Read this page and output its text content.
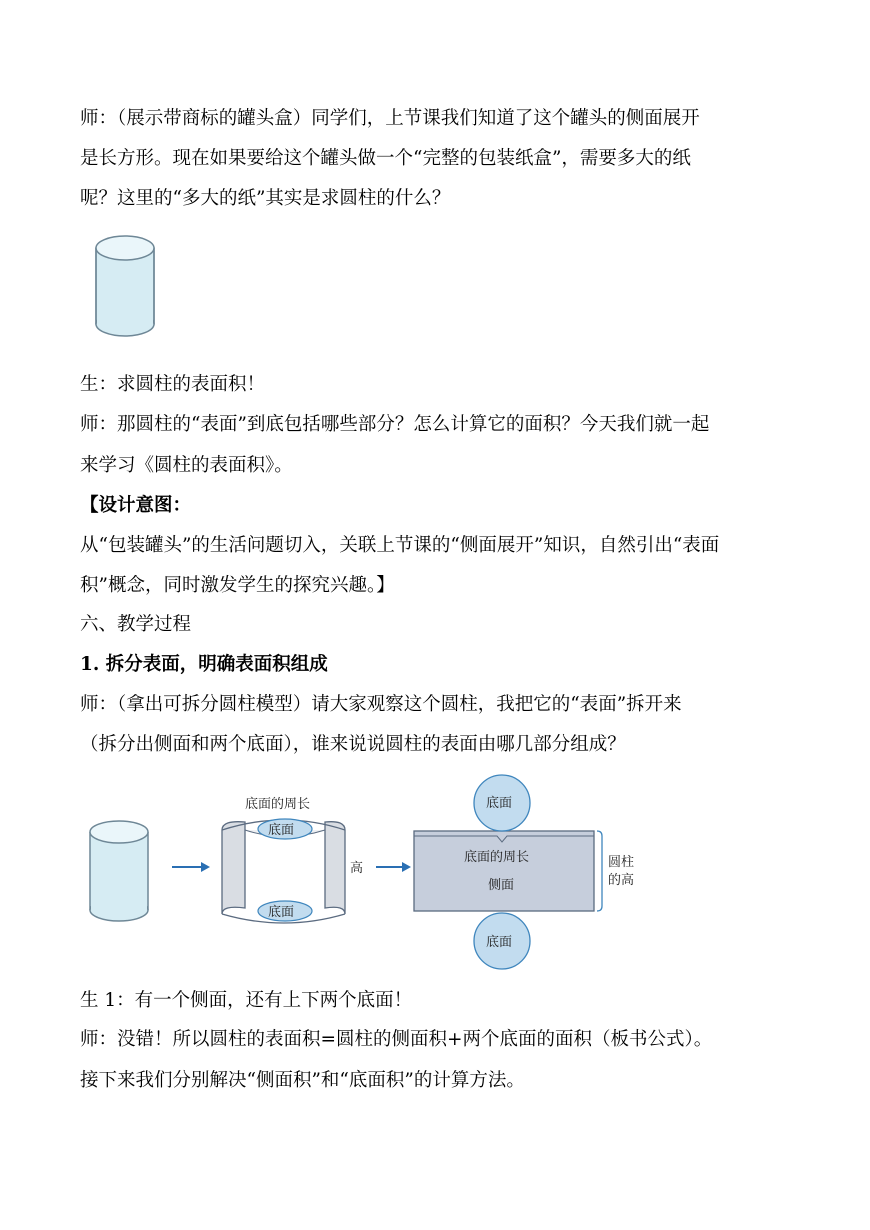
师：（展示带商标的罐头盒）同学们，上节课我们知道了这个罐头的侧面展开
是长方形。现在如果要给这个罐头做一个“完整的包装纸盒”，需要多大的纸
呢？这里的“多大的纸”其实是求圆柱的什么？
底面的周长
底面
底面
高
底面
底面的周长
侧面
底面
圆柱
的高
生：求圆柱的表面积！
师：那圆柱的“表面”到底包括哪些部分？怎么计算它的面积？今天我们就一起
来学习《圆柱的表面积》。
【设计意图：
从“包装罐头”的生活问题切入，关联上节课的“侧面展开”知识，自然引出“表面
积”概念，同时激发学生的探究兴趣。】
六、教学过程
1. 拆分表面，明确表面积组成
师：（拿出可拆分圆柱模型）请大家观察这个圆柱，我把它的“表面”拆开来
（拆分出侧面和两个底面），谁来说说圆柱的表面由哪几部分组成？
生 1：有一个侧面，还有上下两个底面！
师：没错！所以圆柱的表面积=圆柱的侧面积+两个底面的面积（板书公式）。
接下来我们分别解决“侧面积”和“底面积”的计算方法。
